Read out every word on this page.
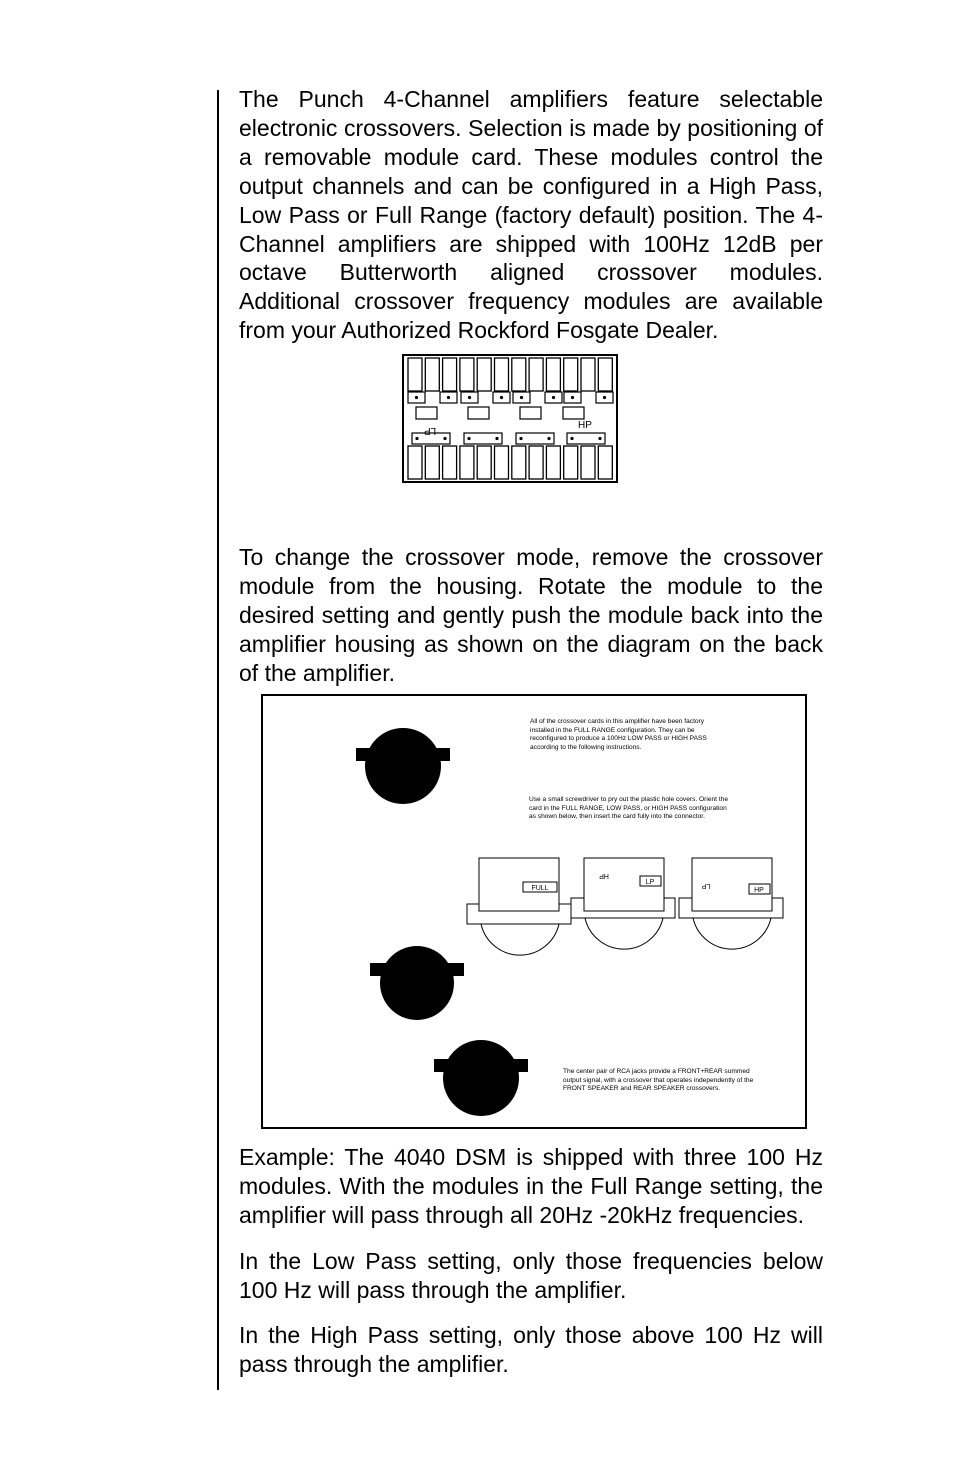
The Punch 4-Channel amplifiers feature selectable electronic crossovers. Selection is made by positioning of a removable module card. These modules control the output channels and can be configured in a High Pass, Low Pass or Full Range (factory default) position. The 4-Channel amplifiers are shipped with 100Hz 12dB per octave Butterworth aligned crossover modules. Additional crossover frequency modules are available from your Authorized Rockford Fosgate Dealer.

LP	HP

To change the crossover mode, remove the crossover module from the housing. Rotate the module to the desired setting and gently push the module back into the amplifier housing as shown on the diagram on the back of the amplifier.

FULL
HP
LP	LP
HP

All of the crossover cards in this amplifier have been factory installed in the FULL RANGE configuration. They can be reconfigured to produce a 100Hz LOW PASS or HIGH PASS according to the following instructions.

Use a small screwdriver to pry out the plastic hole covers. Orient the card in the FULL RANGE, LOW PASS, or HIGH PASS configuration as shown below, then insert the card fully into the connector.

The center pair of RCA jacks provide a FRONT+REAR summed output signal, with a crossover that operates independently of the FRONT SPEAKER and REAR SPEAKER crossovers.

Example: The 4040 DSM is shipped with three 100 Hz modules. With the modules in the Full Range setting, the amplifier will pass through all 20Hz -20kHz frequencies.

In the Low Pass setting, only those frequencies below 100 Hz will pass through the amplifier.

In the High Pass setting, only those above 100 Hz will pass through the amplifier.
